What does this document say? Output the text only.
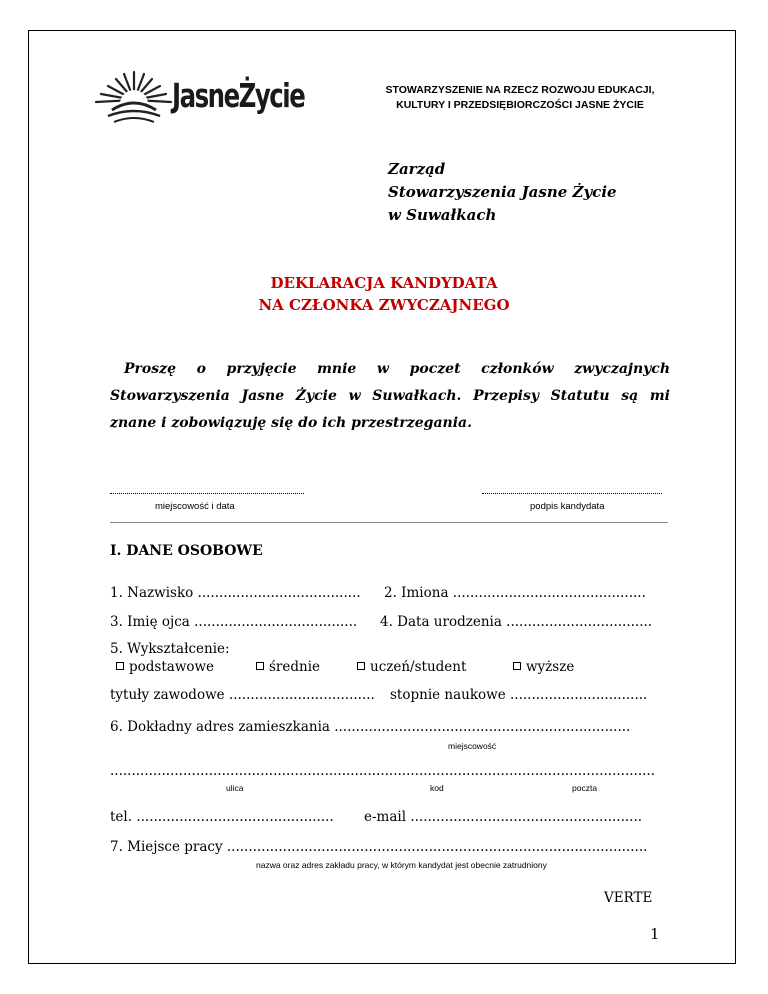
JasneŻycie	STOWARZYSZENIE NA RZECZ ROZWOJU EDUKACJI,
KULTURY I PRZEDSIĘBIORCZOŚCI JASNE ŻYCIE
Zarząd
Stowarzyszenia Jasne Życie
w Suwałkach
DEKLARACJA KANDYDATA
NA CZŁONKA ZWYCZAJNEGO
Proszę o przyjęcie mnie w poczet członków zwyczajnych
Stowarzyszenia Jasne Życie w Suwałkach. Przepisy Statutu są mi
znane i zobowiązuję się do ich przestrzegania.
miejscowość i data	podpis kandydata
I. DANE OSOBOWE
1. Nazwisko ...................................... 2. Imiona .............................................
3. Imię ojca ...................................... 4. Data urodzenia ..................................
5. Wykształcenie:
podstawowe	średnie	uczeń/student	wyższe
tytuły zawodowe .................................. stopnie naukowe ................................
6. Dokładny adres zamieszkania .....................................................................
miejscowość
...............................................................................................................................
ulica	kod	poczta
tel. .............................................. e-mail ......................................................
7. Miejsce pracy ..................................................................................................
nazwa oraz adres zakładu pracy, w którym kandydat jest obecnie zatrudniony
VERTE
1
